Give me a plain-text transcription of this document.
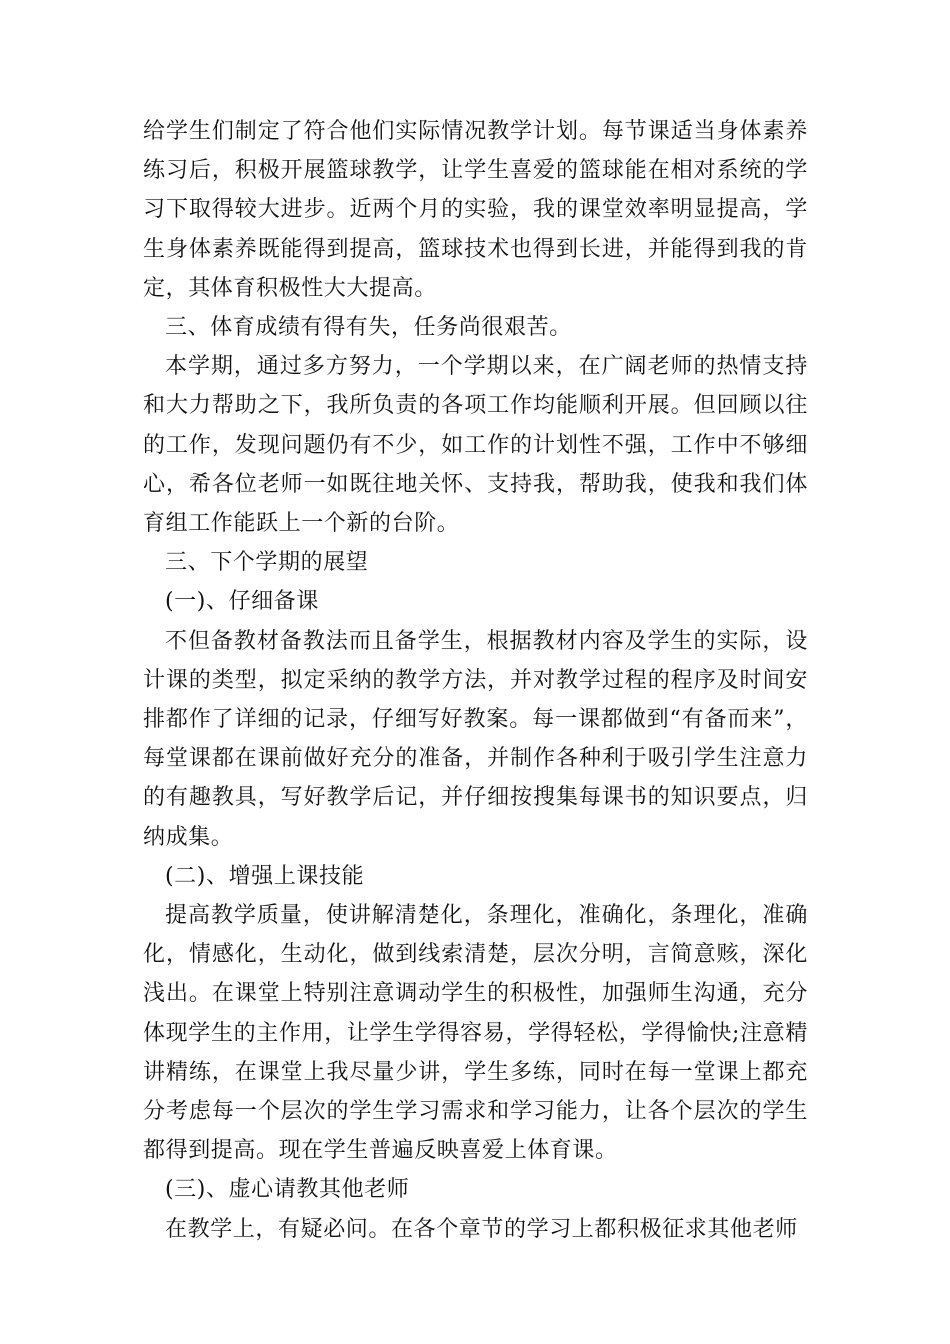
给学生们制定了符合他们实际情况教学计划。每节课适当身体素养练习后，积极开展篮球教学，让学生喜爱的篮球能在相对系统的学习下取得较大进步。近两个月的实验，我的课堂效率明显提高，学生身体素养既能得到提高，篮球技术也得到长进，并能得到我的肯定，其体育积极性大大提高。

三、体育成绩有得有失，任务尚很艰苦。

本学期，通过多方努力，一个学期以来，在广阔老师的热情支持和大力帮助之下，我所负责的各项工作均能顺利开展。但回顾以往的工作，发现问题仍有不少，如工作的计划性不强，工作中不够细心，希各位老师一如既往地关怀、支持我，帮助我，使我和我们体育组工作能跃上一个新的台阶。

三、下个学期的展望

(一)、仔细备课

不但备教材备教法而且备学生，根据教材内容及学生的实际，设计课的类型，拟定采纳的教学方法，并对教学过程的程序及时间安排都作了详细的记录，仔细写好教案。每一课都做到“有备而来”，每堂课都在课前做好充分的准备，并制作各种利于吸引学生注意力的有趣教具，写好教学后记，并仔细按搜集每课书的知识要点，归纳成集。

(二)、增强上课技能

提高教学质量，使讲解清楚化，条理化，准确化，条理化，准确化，情感化，生动化，做到线索清楚，层次分明，言简意赅，深化浅出。在课堂上特别注意调动学生的积极性，加强师生沟通，充分体现学生的主作用，让学生学得容易，学得轻松，学得愉快;注意精讲精练，在课堂上我尽量少讲，学生多练，同时在每一堂课上都充分考虑每一个层次的学生学习需求和学习能力，让各个层次的学生都得到提高。现在学生普遍反映喜爱上体育课。

(三)、虚心请教其他老师

在教学上，有疑必问。在各个章节的学习上都积极征求其他老师
